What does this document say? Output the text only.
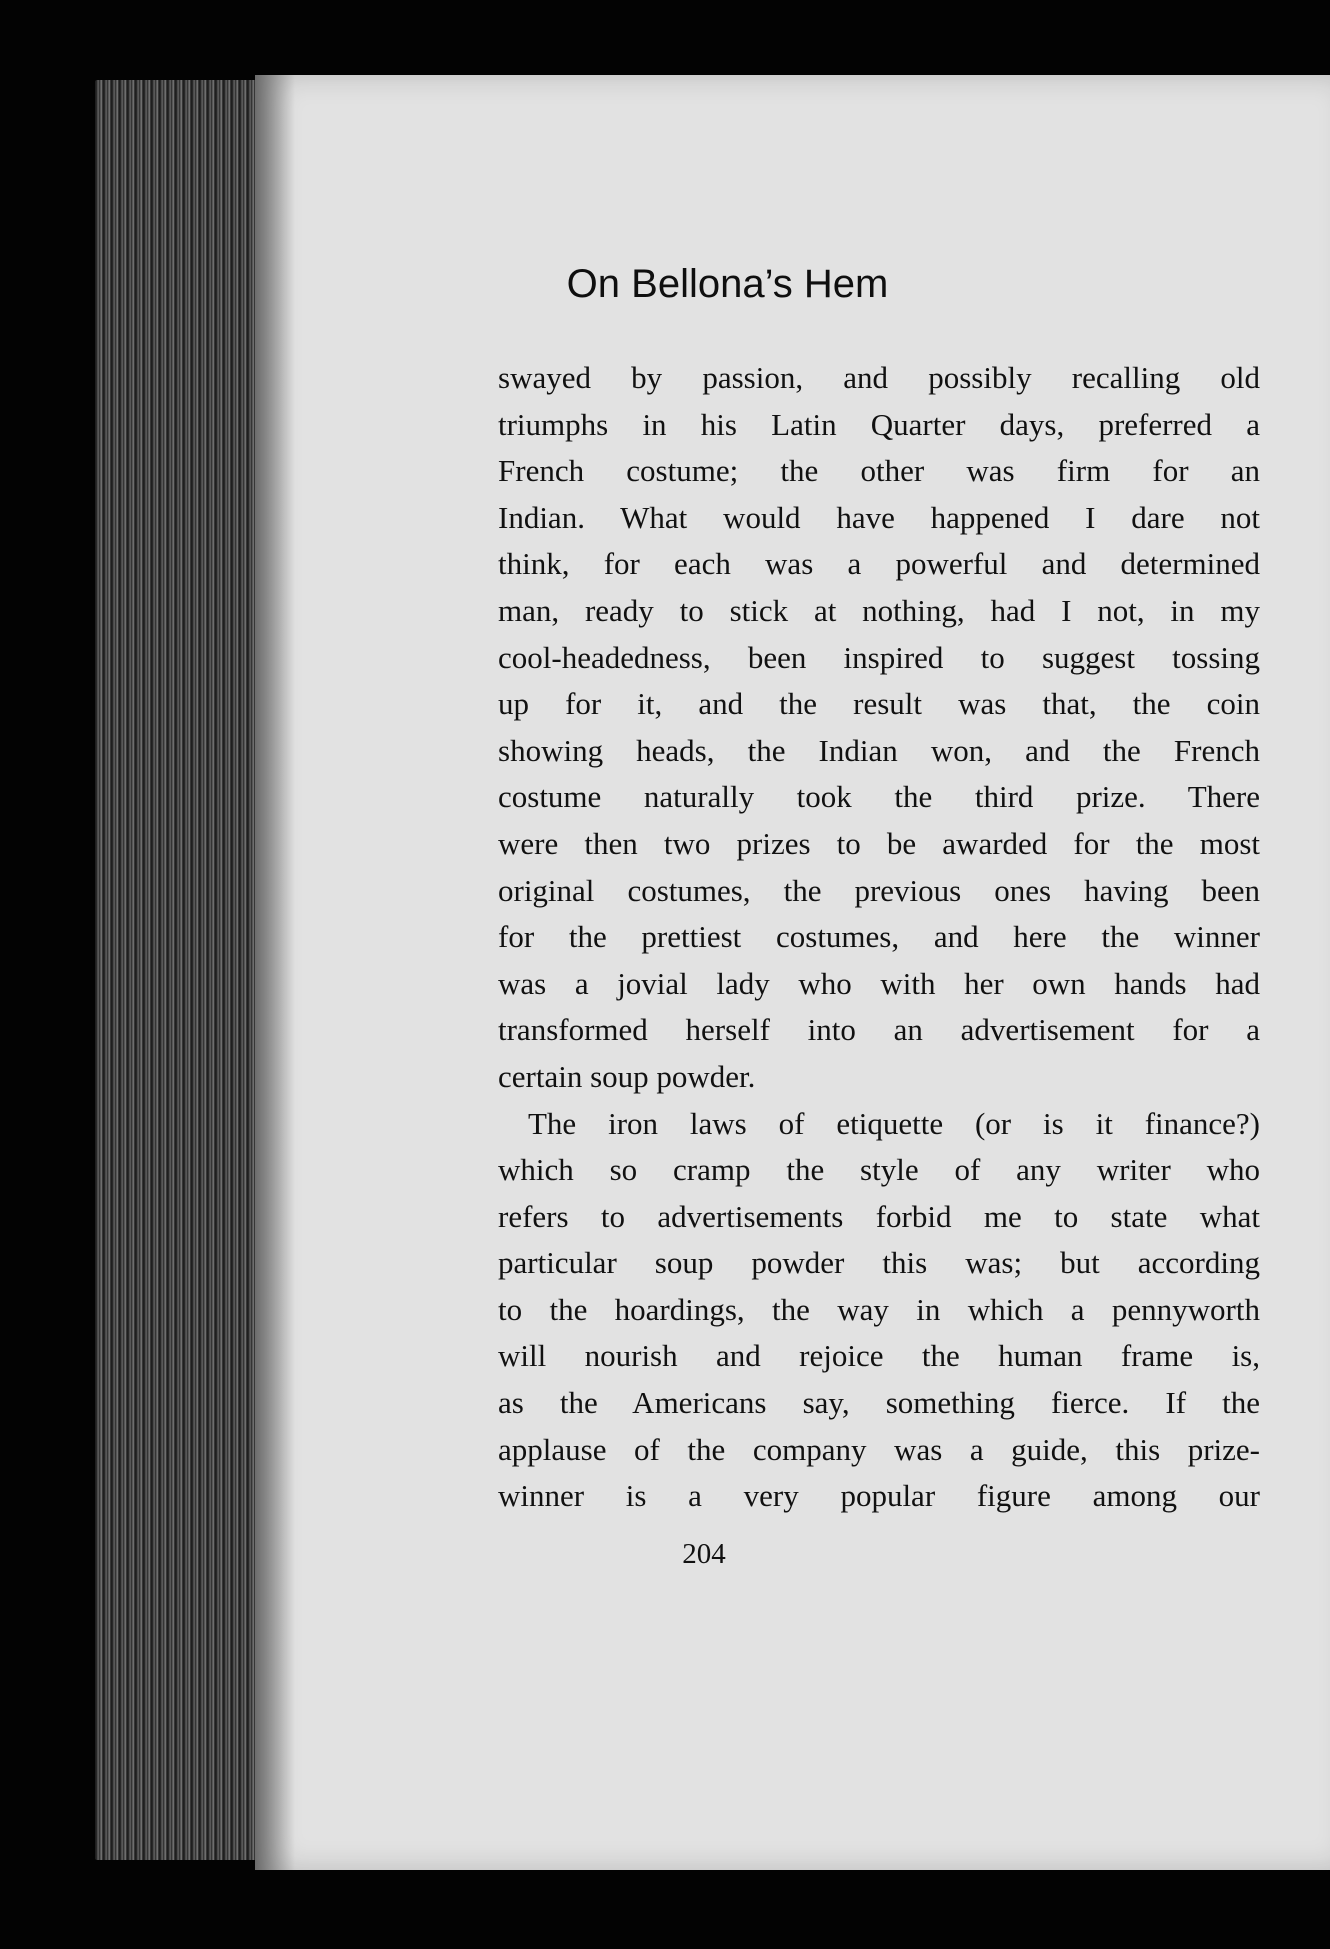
On Bellona’s Hem
swayed by passion, and possibly recalling old
triumphs in his Latin Quarter days, preferred a
French costume; the other was firm for an
Indian. What would have happened I dare not
think, for each was a powerful and determined
man, ready to stick at nothing, had I not, in my
cool-headedness, been inspired to suggest tossing
up for it, and the result was that, the coin
showing heads, the Indian won, and the French
costume naturally took the third prize. There
were then two prizes to be awarded for the most
original costumes, the previous ones having been
for the prettiest costumes, and here the winner
was a jovial lady who with her own hands had
transformed herself into an advertisement for a
certain soup powder.
The iron laws of etiquette (or is it finance?)
which so cramp the style of any writer who
refers to advertisements forbid me to state what
particular soup powder this was; but according
to the hoardings, the way in which a pennyworth
will nourish and rejoice the human frame is,
as the Americans say, something fierce. If the
applause of the company was a guide, this prize-
winner is a very popular figure among our
204
